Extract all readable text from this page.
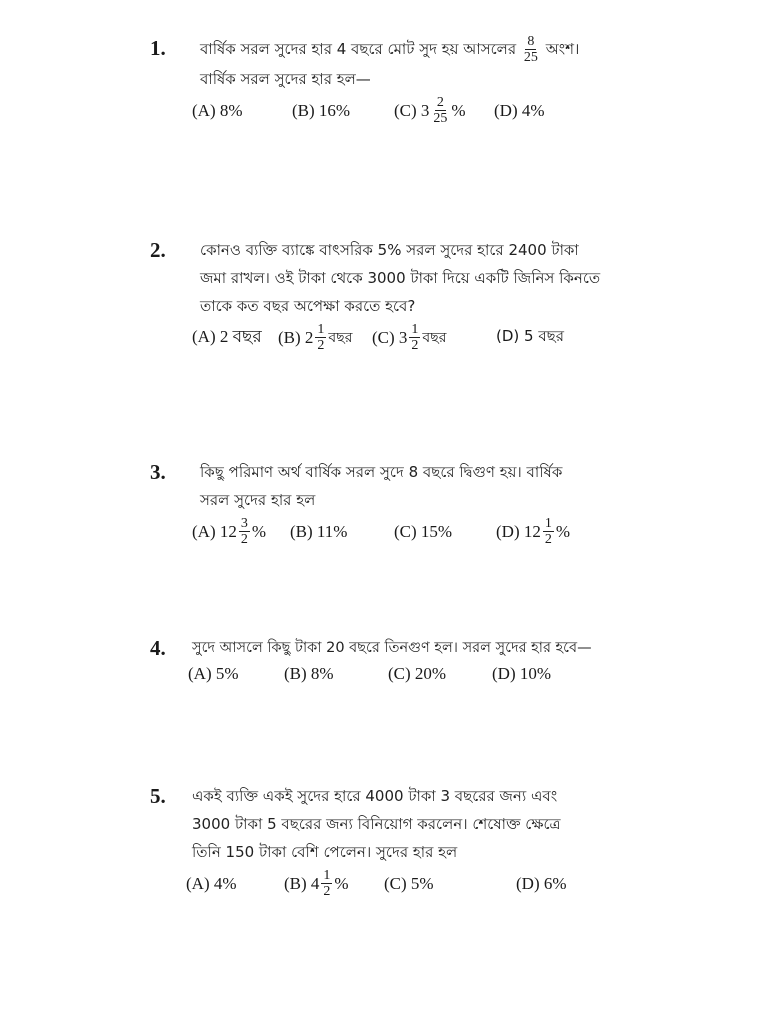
1. বার্ষিক সরল সুদের হার 4 বছরে মোট সুদ হয় আসলের $\frac{8}{25}$ অংশ।
বার্ষিক সরল সুদের হার হল—
(A) 8%	(B) 16%	(C) $3 \frac{2}{25}$ % (D) 4%
2. কোনও ব্যক্তি ব্যাঙ্কে বাৎসরিক 5% সরল সুদের হারে 2400 টাকা
জমা রাখল। ওই টাকা থেকে 3000 টাকা দিয়ে একটি জিনিস কিনতে
তাকে কত বছর অপেক্ষা করতে হবে?
(A) 2 বছর (B) $2 \frac{1}{2}$ বছর (C) $3 \frac{1}{2}$ বছর	(D) 5 বছর
3. কিছু পরিমাণ অর্থ বার্ষিক সরল সুদে 8 বছরে দ্বিগুণ হয়। বার্ষিক
সরল সুদের হার হল
(A) $12 \frac{3}{2}$ % (B) 11%	(C) 15%	(D) $12 \frac{1}{2}$ %
4. সুদে আসলে কিছু টাকা 20 বছরে তিনগুণ হল। সরল সুদের হার হবে—
(A) 5%	(B) 8%	(C) 20%	(D) 10%
5. একই ব্যক্তি একই সুদের হারে 4000 টাকা 3 বছরের জন্য এবং
3000 টাকা 5 বছরের জন্য বিনিয়োগ করলেন। শেষোক্ত ক্ষেত্রে
তিনি 150 টাকা বেশি পেলেন। সুদের হার হল
(A) 4%	(B) $4 \frac{1}{2}$ % (C) 5%	(D) 6%
